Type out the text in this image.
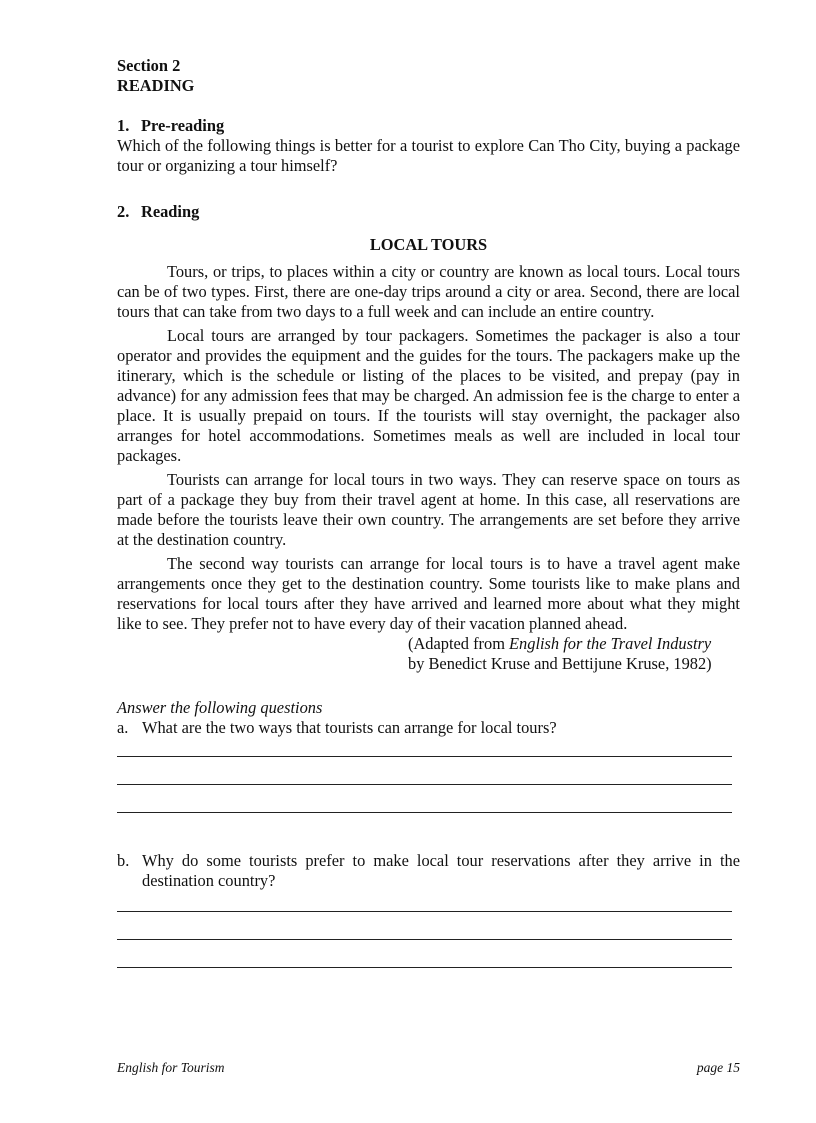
Section 2
READING
1. Pre-reading

Which of the following things is better for a tourist to explore Can Tho City, buying a package tour or organizing a tour himself?

2. Reading
LOCAL TOURS

Tours, or trips, to places within a city or country are known as local tours. Local tours can be of two types. First, there are one-day trips around a city or area. Second, there are local tours that can take from two days to a full week and can include an entire country.

Local tours are arranged by tour packagers. Sometimes the packager is also a tour operator and provides the equipment and the guides for the tours. The packagers make up the itinerary, which is the schedule or listing of the places to be visited, and prepay (pay in advance) for any admission fees that may be charged. An admission fee is the charge to enter a place. It is usually prepaid on tours. If the tourists will stay overnight, the packager also arranges for hotel accommodations. Sometimes meals as well are included in local tour packages.

Tourists can arrange for local tours in two ways. They can reserve space on tours as part of a package they buy from their travel agent at home. In this case, all reservations are made before the tourists leave their own country. The arrangements are set before they arrive at the destination country.

The second way tourists can arrange for local tours is to have a travel agent make arrangements once they get to the destination country. Some tourists like to make plans and reservations for local tours after they have arrived and learned more about what they might like to see. They prefer not to have every day of their vacation planned ahead.

(Adapted from English for the Travel Industry
by Benedict Kruse and Bettijune Kruse, 1982)
Answer the following questions
a. What are the two ways that tourists can arrange for local tours?
b. Why do some tourists prefer to make local tour reservations after they arrive in the destination country?
English for Tourism	page 15
